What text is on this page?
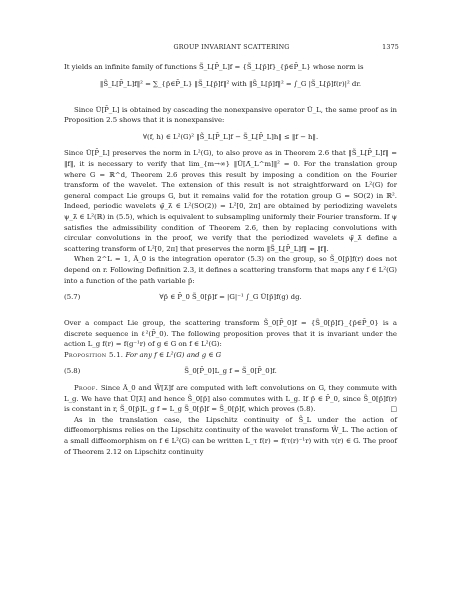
GROUP INVARIANT SCATTERING	1375

It yields an infinite family of functions S̃_L[P̄_L]f = {S̃_L[p̄]f}_{p̄∈P̄_L} whose norm is

‖S̃_L[P̄_L]f‖² = ∑_{p̄∈P̄_L} ‖S̃_L[p̄]f‖² with ‖S̃_L[p̄]f‖² = ∫_G |S̃_L[p̄]f(r)|² dr.

Since Ũ[P̄_L] is obtained by cascading the nonexpansive operator Ũ_L, the same proof as in Proposition 2.5 shows that it is nonexpansive:

∀(f, h) ∈ L²(G)² ‖S̃_L[P̄_L]f − S̃_L[P̄_L]h‖ ≤ ‖f − h‖.

Since Ũ[P̄_L] preserves the norm in L²(G), to also prove as in Theorem 2.6 that ‖S̃_L[P̄_L]f‖ = ‖f‖, it is necessary to verify that lim_{m→∞} ‖Ũ[Λ̄_L^m]‖² = 0. For the translation group where G = ℝ^d, Theorem 2.6 proves this result by imposing a condition on the Fourier transform of the wavelet. The extension of this result is not straightforward on L²(G) for general compact Lie groups G, but it remains valid for the rotation group G = SO(2) in ℝ². Indeed, periodic wavelets ψ̃_λ̄ ∈ L²(SO(2)) = L²[0, 2π] are obtained by periodizing wavelets ψ_λ̄ ∈ L²(ℝ) in (5.5), which is equivalent to subsampling uniformly their Fourier transform. If ψ satisfies the admissibility condition of Theorem 2.6, then by replacing convolutions with circular convolutions in the proof, we verify that the periodized wavelets ψ̃_λ̄ define a scattering transform of L²[0, 2π] that preserves the norm ‖S̃_L[P̄_L]f‖ = ‖f‖.

When 2^L = 1, Ã_0 is the integration operator (5.3) on the group, so S̃_0[p̄]f(r) does not depend on r. Following Definition 2.3, it defines a scattering transform that maps any f ∈ L²(G) into a function of the path variable p̄:

(5.7)	∀p̄ ∈ P̄_0 S̃_0[p̄]f = |G|⁻¹ ∫_G Ũ[p̄]f(g) dg.

Over a compact Lie group, the scattering transform S̃_0[P̄_0]f = {S̃_0[p̄]f}_{p̄∈P̄_0} is a discrete sequence in ℓ²(P̄_0). The following proposition proves that it is invariant under the action L_g f(r) = f(g⁻¹r) of g ∈ G on f ∈ L²(G):

Proposition 5.1. For any f ∈ L²(G) and g ∈ G

(5.8)	S̃_0[P̄_0]L_g f = S̃_0[P̄_0]f.

Proof. Since Ã_0 and W̃[λ̄]f are computed with left convolutions on G, they commute with L_g. We have that Ũ[λ̄] and hence S̃_0[p̄] also commutes with L_g. If p̄ ∈ P̄_0, since S̃_0[p̄]f(r) is constant in r, S̃_0[p̄]L_g f = L_g S̃_0[p̄]f = S̃_0[p̄]f, which proves (5.8).	□

As in the translation case, the Lipschitz continuity of S̃_L under the action of diffeomorphisms relies on the Lipschitz continuity of the wavelet transform W̃_L. The action of a small diffeomorphism on f ∈ L²(G) can be written L_τ f(r) = f(τ(r)⁻¹r) with τ(r) ∈ G. The proof of Theorem 2.12 on Lipschitz continuity
